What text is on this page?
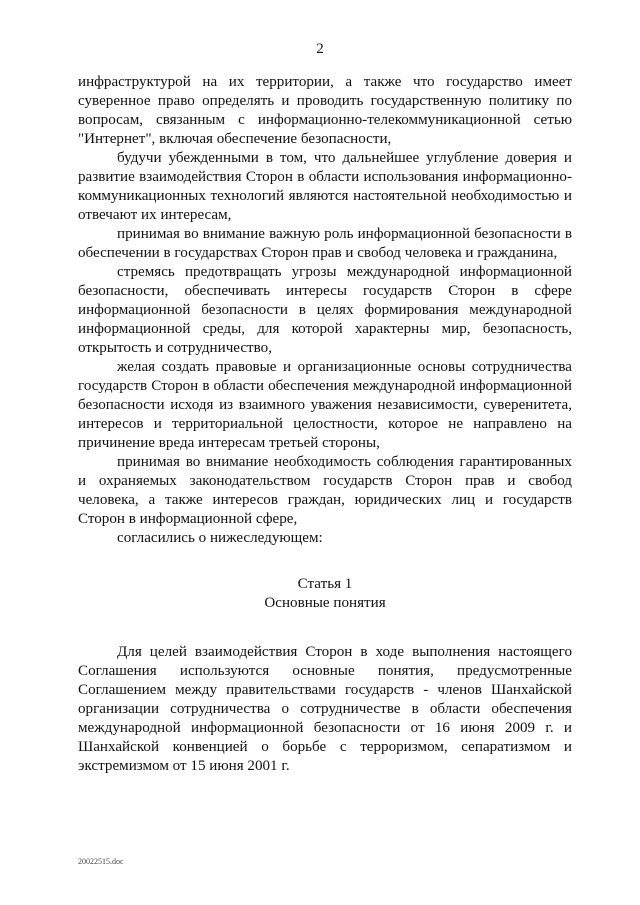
2

инфраструктурой на их территории, а также что государство имеет суверенное право определять и проводить государственную политику по вопросам, связанным с информационно-телекоммуникационной сетью "Интернет", включая обеспечение безопасности,

будучи убежденными в том, что дальнейшее углубление доверия и развитие взаимодействия Сторон в области использования информационно-коммуникационных технологий являются настоятельной необходимостью и отвечают их интересам,

принимая во внимание важную роль информационной безопасности в обеспечении в государствах Сторон прав и свобод человека и гражданина,

стремясь предотвращать угрозы международной информационной безопасности, обеспечивать интересы государств Сторон в сфере информационной безопасности в целях формирования международной информационной среды, для которой характерны мир, безопасность, открытость и сотрудничество,

желая создать правовые и организационные основы сотрудничества государств Сторон в области обеспечения международной информационной безопасности исходя из взаимного уважения независимости, суверенитета, интересов и территориальной целостности, которое не направлено на причинение вреда интересам третьей стороны,

принимая во внимание необходимость соблюдения гарантированных и охраняемых законодательством государств Сторон прав и свобод человека, а также интересов граждан, юридических лиц и государств Сторон в информационной сфере,

согласились о нижеследующем:

Статья 1

Основные понятия

Для целей взаимодействия Сторон в ходе выполнения настоящего Соглашения используются основные понятия, предусмотренные Соглашением между правительствами государств - членов Шанхайской организации сотрудничества о сотрудничестве в области обеспечения международной информационной безопасности от 16 июня 2009 г. и Шанхайской конвенцией о борьбе с терроризмом, сепаратизмом и экстремизмом от 15 июня 2001 г.

20022515.doc
